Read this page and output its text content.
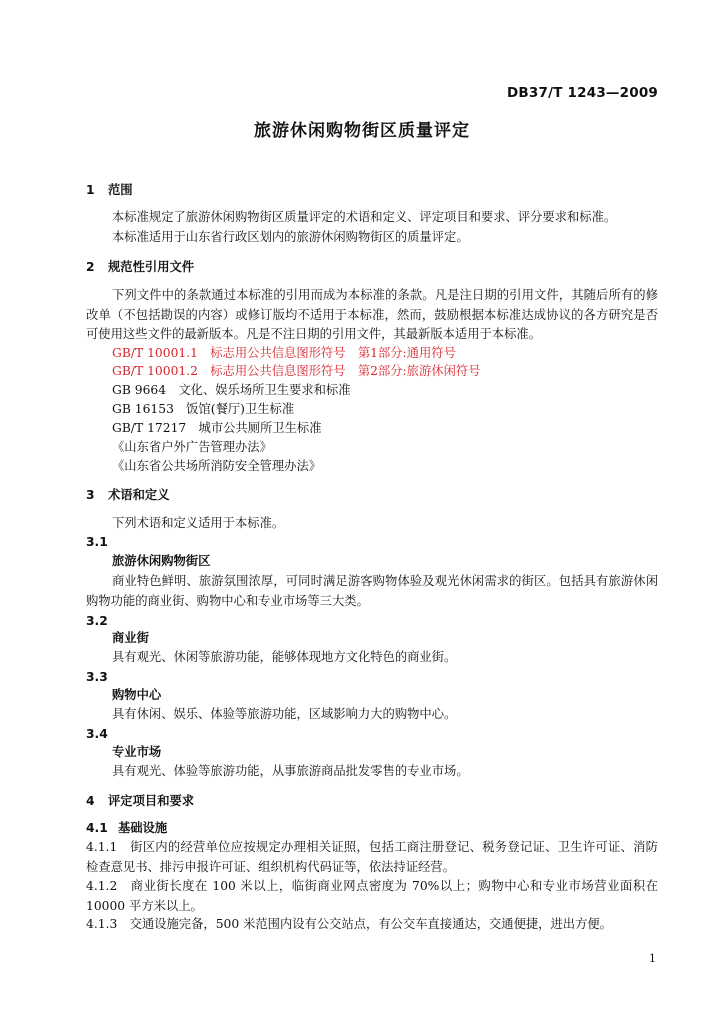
DB37/T 1243—2009
旅游休闲购物街区质量评定
1 范围
本标准规定了旅游休闲购物街区质量评定的术语和定义、评定项目和要求、评分要求和标准。
本标准适用于山东省行政区划内的旅游休闲购物街区的质量评定。
2 规范性引用文件
下列文件中的条款通过本标准的引用而成为本标准的条款。凡是注日期的引用文件，其随后所有的修改单（不包括勘误的内容）或修订版均不适用于本标准，然而，鼓励根据本标准达成协议的各方研究是否可使用这些文件的最新版本。凡是不注日期的引用文件，其最新版本适用于本标准。
GB/T 10001.1　标志用公共信息图形符号　第1部分:通用符号
GB/T 10001.2　标志用公共信息图形符号　第2部分:旅游休闲符号
GB 9664　文化、娱乐场所卫生要求和标准
GB 16153　饭馆(餐厅)卫生标准
GB/T 17217　城市公共厕所卫生标准
《山东省户外广告管理办法》
《山东省公共场所消防安全管理办法》
3 术语和定义
下列术语和定义适用于本标准。
3.1
旅游休闲购物街区
商业特色鲜明、旅游氛围浓厚，可同时满足游客购物体验及观光休闲需求的街区。包括具有旅游休闲购物功能的商业街、购物中心和专业市场等三大类。
3.2
商业街
具有观光、休闲等旅游功能，能够体现地方文化特色的商业街。
3.3
购物中心
具有休闲、娱乐、体验等旅游功能，区域影响力大的购物中心。
3.4
专业市场
具有观光、体验等旅游功能，从事旅游商品批发零售的专业市场。
4 评定项目和要求
4.1 基础设施
4.1.1　 街区内的经营单位应按规定办理相关证照，包括工商注册登记、税务登记证、卫生许可证、消防检查意见书、排污申报许可证、组织机构代码证等，依法持证经营。
4.1.2　 商业街长度在 100 米以上，临街商业网点密度为 70%以上；购物中心和专业市场营业面积在 10000 平方米以上。
4.1.3　 交通设施完备，500 米范围内设有公交站点，有公交车直接通达，交通便捷，进出方便。
1
